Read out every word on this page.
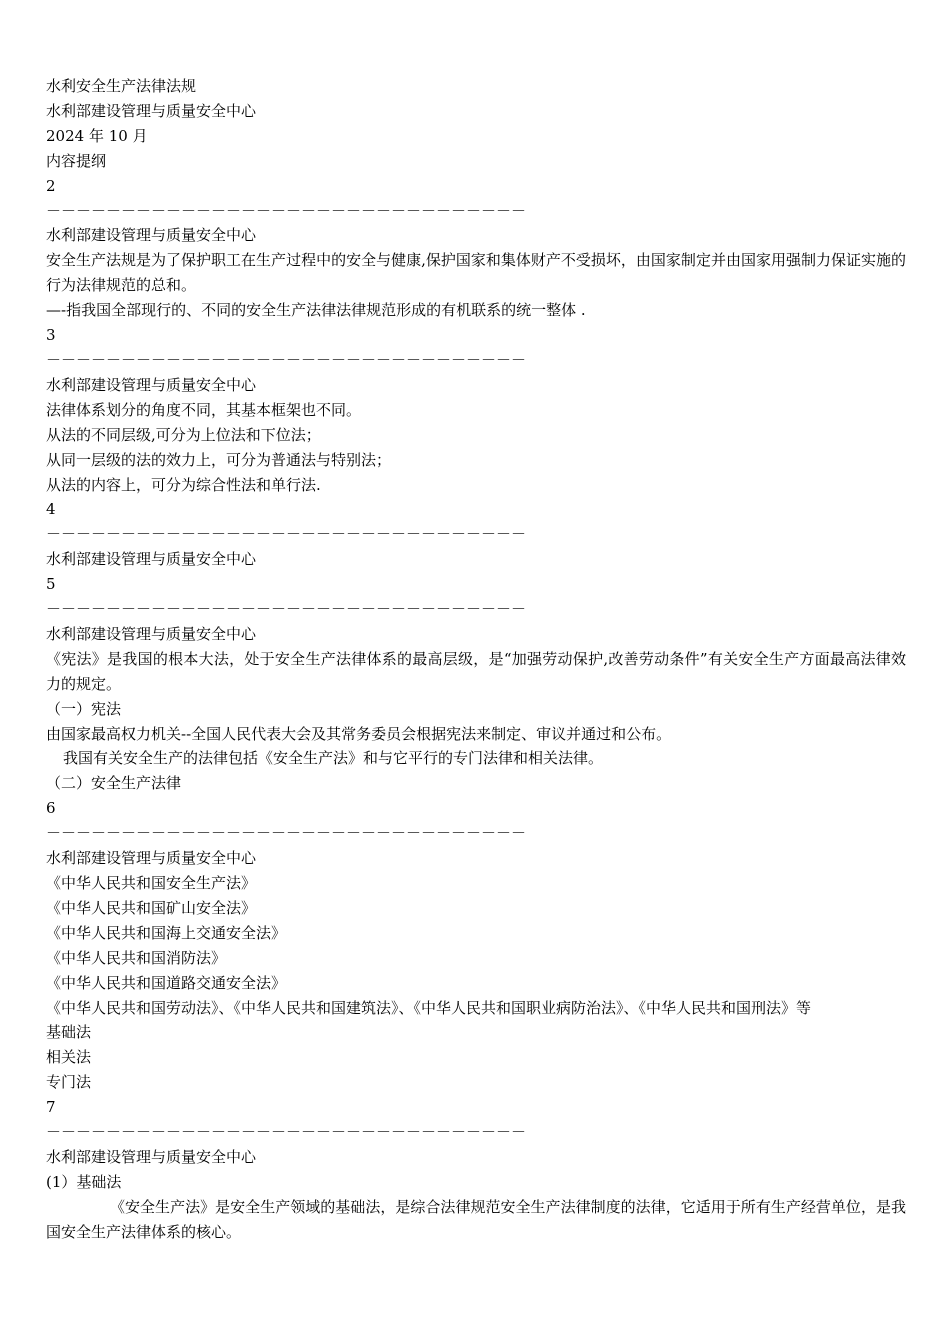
水利安全生产法律法规

水利部建设管理与质量安全中心

2024 年 10 月

内容提纲

2

－－－－－－－－－－－－－－－－－－－－－－－－－－－－－－－－

水利部建设管理与质量安全中心

安全生产法规是为了保护职工在生产过程中的安全与健康,保护国家和集体财产不受损坏，由国家制定并由国家用强制力保证实施的行为法律规范的总和。

—-指我国全部现行的、不同的安全生产法律法律规范形成的有机联系的统一整体 .

3

－－－－－－－－－－－－－－－－－－－－－－－－－－－－－－－－

水利部建设管理与质量安全中心

法律体系划分的角度不同，其基本框架也不同。

从法的不同层级,可分为上位法和下位法；

从同一层级的法的效力上，可分为普通法与特别法；

从法的内容上，可分为综合性法和单行法.

4

－－－－－－－－－－－－－－－－－－－－－－－－－－－－－－－－

水利部建设管理与质量安全中心

5

－－－－－－－－－－－－－－－－－－－－－－－－－－－－－－－－

水利部建设管理与质量安全中心

《宪法》是我国的根本大法，处于安全生产法律体系的最高层级，是“加强劳动保护,改善劳动条件”有关安全生产方面最高法律效力的规定。

（一）宪法

由国家最高权力机关--全国人民代表大会及其常务委员会根据宪法来制定、审议并通过和公布。

我国有关安全生产的法律包括《安全生产法》和与它平行的专门法律和相关法律。

（二）安全生产法律

6

－－－－－－－－－－－－－－－－－－－－－－－－－－－－－－－－

水利部建设管理与质量安全中心

《中华人民共和国安全生产法》

《中华人民共和国矿山安全法》

《中华人民共和国海上交通安全法》

《中华人民共和国消防法》

《中华人民共和国道路交通安全法》

《中华人民共和国劳动法》、《中华人民共和国建筑法》、《中华人民共和国职业病防治法》、《中华人民共和国刑法》等

基础法

相关法

专门法

7

－－－－－－－－－－－－－－－－－－－－－－－－－－－－－－－－

水利部建设管理与质量安全中心

(1）基础法

《安全生产法》是安全生产领域的基础法，是综合法律规范安全生产法律制度的法律，它适用于所有生产经营单位，是我国安全生产法律体系的核心。
